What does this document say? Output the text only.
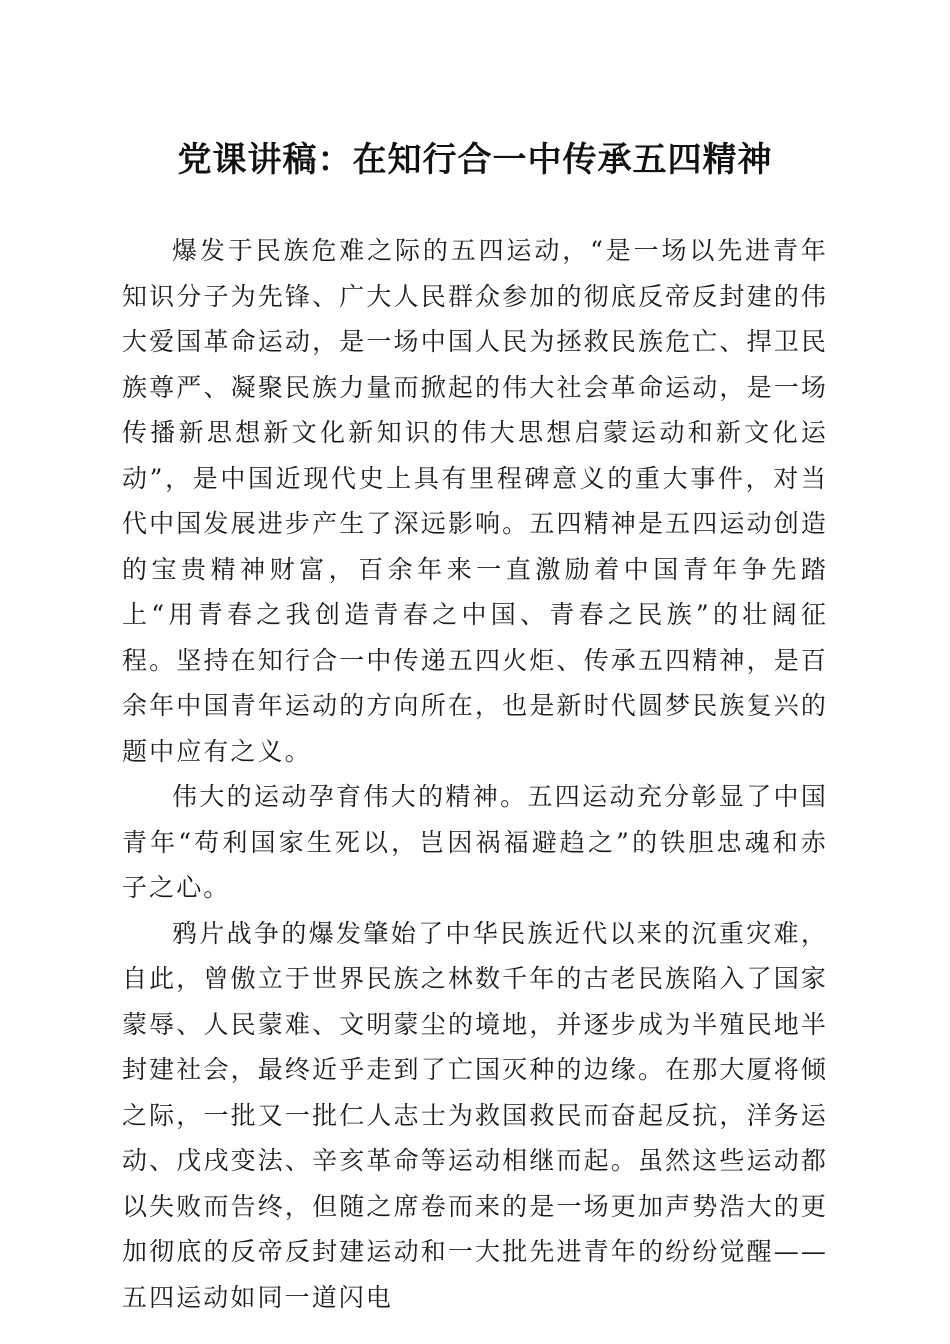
党课讲稿：在知行合一中传承五四精神

爆发于民族危难之际的五四运动，“是一场以先进青年知识分子为先锋、广大人民群众参加的彻底反帝反封建的伟大爱国革命运动，是一场中国人民为拯救民族危亡、捍卫民族尊严、凝聚民族力量而掀起的伟大社会革命运动，是一场传播新思想新文化新知识的伟大思想启蒙运动和新文化运动”，是中国近现代史上具有里程碑意义的重大事件，对当代中国发展进步产生了深远影响。五四精神是五四运动创造的宝贵精神财富，百余年来一直激励着中国青年争先踏上“用青春之我创造青春之中国、青春之民族”的壮阔征程。坚持在知行合一中传递五四火炬、传承五四精神，是百余年中国青年运动的方向所在，也是新时代圆梦民族复兴的题中应有之义。

伟大的运动孕育伟大的精神。五四运动充分彰显了中国青年“苟利国家生死以，岂因祸福避趋之”的铁胆忠魂和赤子之心。

鸦片战争的爆发肇始了中华民族近代以来的沉重灾难，自此，曾傲立于世界民族之林数千年的古老民族陷入了国家蒙辱、人民蒙难、文明蒙尘的境地，并逐步成为半殖民地半封建社会，最终近乎走到了亡国灭种的边缘。在那大厦将倾之际，一批又一批仁人志士为救国救民而奋起反抗，洋务运动、戊戌变法、辛亥革命等运动相继而起。虽然这些运动都以失败而告终，但随之席卷而来的是一场更加声势浩大的更加彻底的反帝反封建运动和一大批先进青年的纷纷觉醒——五四运动如同一道闪电
